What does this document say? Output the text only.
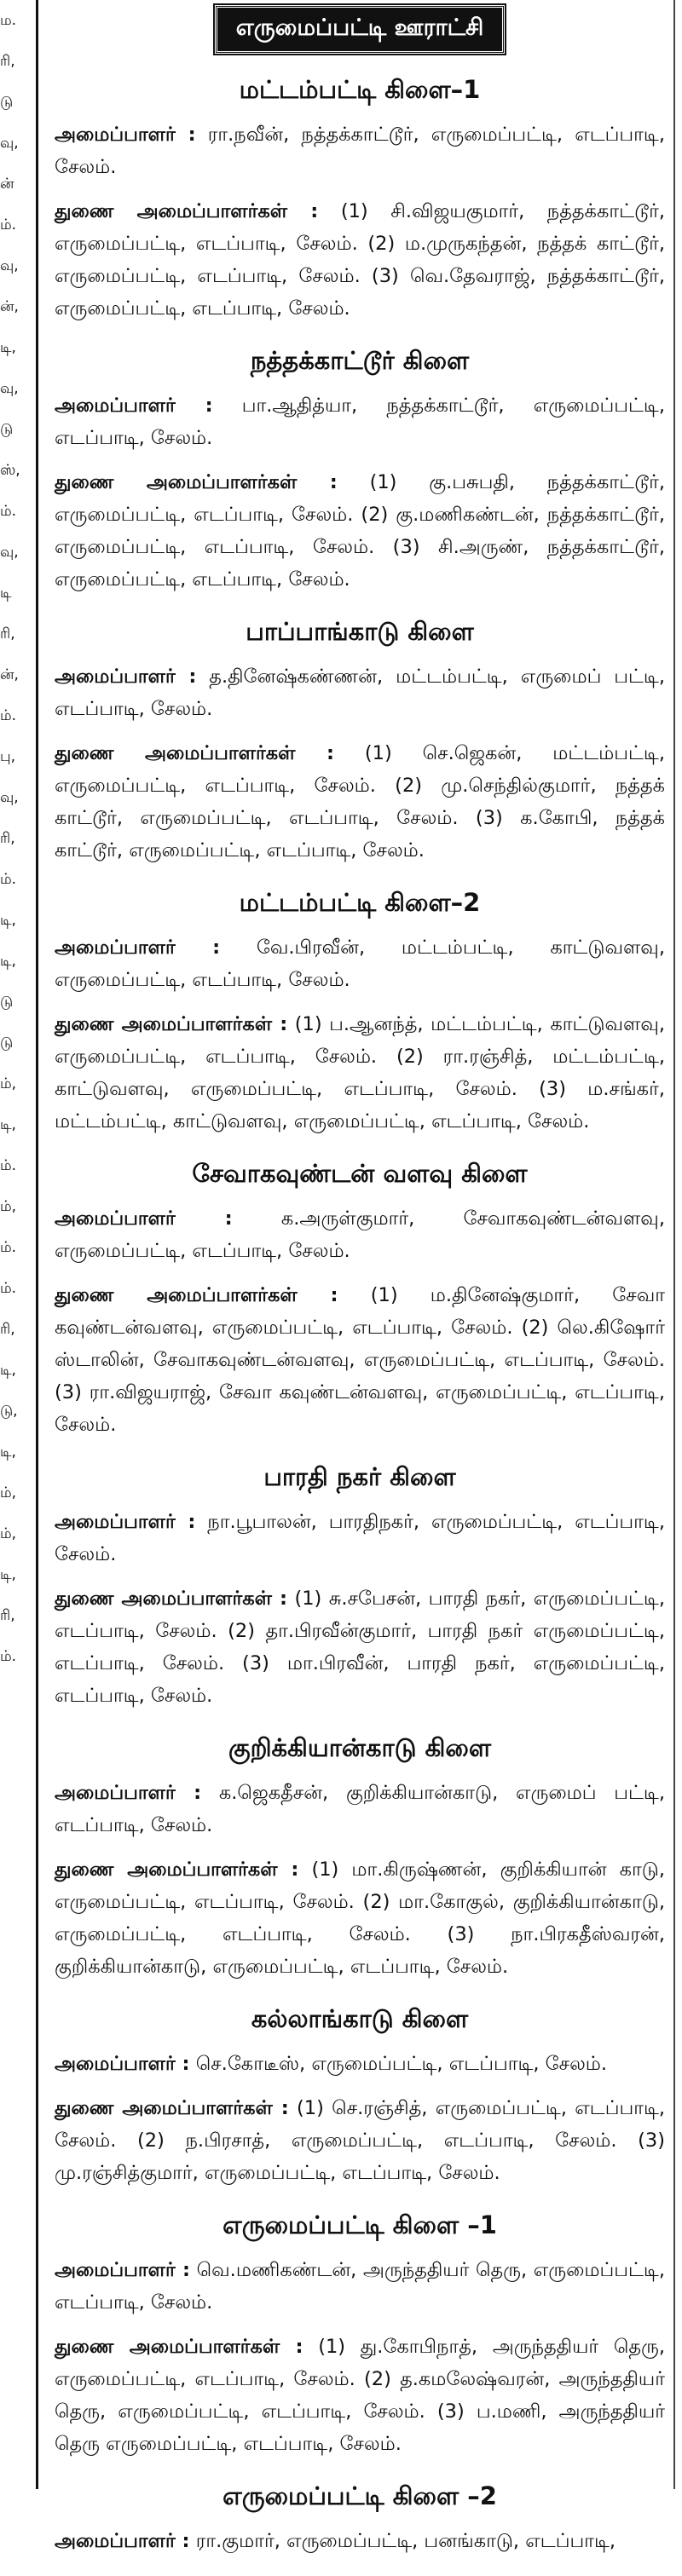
ம.
ரி,
டு
வு,
ன்
ம்.
வு,
ன்,
டி,
வு,
டு
ஸ்,
ம்.
வு,
டி
ரி,
ன்,
ம்.
பு,
வு,
ரி,
ம்.
டி,
டி,
டு
டு
ம்,
டி,
ம்.
ம்,
ம்.
ம்.
ரி,
டி,
டு,
டி,
ம்,
ம்,
டி,
ரி,
ம்.
எருமைப்பட்டி ஊராட்சி
மட்டம்பட்டி கிளை–1

அமைப்பாளர் : ரா.நவீன், நத்தக்காட்டூர், எருமைப்பட்டி, எடப்பாடி, சேலம்.

துணை அமைப்பாளர்கள் : (1) சி.விஜயகுமார், நத்தக்காட்டூர், எருமைப்பட்டி, எடப்பாடி, சேலம். (2) ம.முருகந்தன், நத்தக் காட்டூர், எருமைப்பட்டி, எடப்பாடி, சேலம். (3) வெ.தேவராஜ், நத்தக்காட்டூர், எருமைப்பட்டி, எடப்பாடி, சேலம்.

நத்தக்காட்டூர் கிளை

அமைப்பாளர் : பா.ஆதித்யா, நத்தக்காட்டூர், எருமைப்பட்டி, எடப்பாடி, சேலம்.

துணை அமைப்பாளர்கள் : (1) கு.பசுபதி, நத்தக்காட்டூர், எருமைப்பட்டி, எடப்பாடி, சேலம். (2) கு.மணிகண்டன், நத்தக்காட்டூர், எருமைப்பட்டி, எடப்பாடி, சேலம். (3) சி.அருண், நத்தக்காட்டூர், எருமைப்பட்டி, எடப்பாடி, சேலம்.

பாப்பாங்காடு கிளை

அமைப்பாளர் : த.தினேஷ்கண்ணன், மட்டம்பட்டி, எருமைப் பட்டி, எடப்பாடி, சேலம்.

துணை அமைப்பாளர்கள் : (1) செ.ஜெகன், மட்டம்பட்டி, எருமைப்பட்டி, எடப்பாடி, சேலம். (2) மு.செந்தில்குமார், நத்தக் காட்டூர், எருமைப்பட்டி, எடப்பாடி, சேலம். (3) க.கோபி, நத்தக் காட்டூர், எருமைப்பட்டி, எடப்பாடி, சேலம்.

மட்டம்பட்டி கிளை–2

அமைப்பாளர் : வே.பிரவீன், மட்டம்பட்டி, காட்டுவளவு, எருமைப்பட்டி, எடப்பாடி, சேலம்.

துணை அமைப்பாளர்கள் : (1) ப.ஆனந்த், மட்டம்பட்டி, காட்டுவளவு, எருமைப்பட்டி, எடப்பாடி, சேலம். (2) ரா.ரஞ்சித், மட்டம்பட்டி, காட்டுவளவு, எருமைப்பட்டி, எடப்பாடி, சேலம். (3) ம.சங்கர், மட்டம்பட்டி, காட்டுவளவு, எருமைப்பட்டி, எடப்பாடி, சேலம்.

சேவாகவுண்டன் வளவு கிளை

அமைப்பாளர் :	க.அருள்குமார், சேவாகவுண்டன்வளவு, எருமைப்பட்டி, எடப்பாடி, சேலம்.

துணை அமைப்பாளர்கள் : (1) ம.தினேஷ்குமார், சேவா கவுண்டன்வளவு, எருமைப்பட்டி, எடப்பாடி, சேலம். (2) லெ.கிஷோர் ஸ்டாலின், சேவாகவுண்டன்வளவு, எருமைப்பட்டி, எடப்பாடி, சேலம். (3) ரா.விஜயராஜ், சேவா கவுண்டன்வளவு, எருமைப்பட்டி, எடப்பாடி, சேலம்.

பாரதி நகர் கிளை

அமைப்பாளர் : நா.பூபாலன், பாரதிநகர், எருமைப்பட்டி, எடப்பாடி, சேலம்.

துணை அமைப்பாளர்கள் : (1) சு.சபேசன், பாரதி நகர், எருமைப்பட்டி, எடப்பாடி, சேலம். (2) தா.பிரவீன்குமார், பாரதி நகர் எருமைப்பட்டி, எடப்பாடி, சேலம். (3) மா.பிரவீன், பாரதி நகர், எருமைப்பட்டி, எடப்பாடி, சேலம்.

குறிக்கியான்காடு கிளை

அமைப்பாளர் : க.ஜெகதீசன், குறிக்கியான்காடு, எருமைப் பட்டி, எடப்பாடி, சேலம்.

துணை அமைப்பாளர்கள் : (1) மா.கிருஷ்ணன், குறிக்கியான் காடு, எருமைப்பட்டி, எடப்பாடி, சேலம். (2) மா.கோகுல், குறிக்கியான்காடு, எருமைப்பட்டி, எடப்பாடி, சேலம். (3) நா.பிரகதீஸ்வரன், குறிக்கியான்காடு, எருமைப்பட்டி, எடப்பாடி, சேலம்.

கல்லாங்காடு கிளை

அமைப்பாளர் : செ.கோடீஸ், எருமைப்பட்டி, எடப்பாடி, சேலம்.

துணை அமைப்பாளர்கள் : (1) செ.ரஞ்சித், எருமைப்பட்டி, எடப்பாடி, சேலம். (2) ந.பிரசாத், எருமைப்பட்டி, எடப்பாடி, சேலம். (3) மு.ரஞ்சித்குமார், எருமைப்பட்டி, எடப்பாடி, சேலம்.

எருமைப்பட்டி கிளை –1

அமைப்பாளர் : வெ.மணிகண்டன், அருந்ததியர் தெரு, எருமைப்பட்டி, எடப்பாடி, சேலம்.

துணை அமைப்பாளர்கள் : (1) து.கோபிநாத், அருந்ததியர் தெரு, எருமைப்பட்டி, எடப்பாடி, சேலம். (2) த.கமலேஷ்வரன், அருந்ததியர் தெரு, எருமைப்பட்டி, எடப்பாடி, சேலம். (3) ப.மணி, அருந்ததியர் தெரு எருமைப்பட்டி, எடப்பாடி, சேலம்.

எருமைப்பட்டி கிளை –2

அமைப்பாளர் : ரா.குமார், எருமைப்பட்டி, பனங்காடு, எடப்பாடி,
